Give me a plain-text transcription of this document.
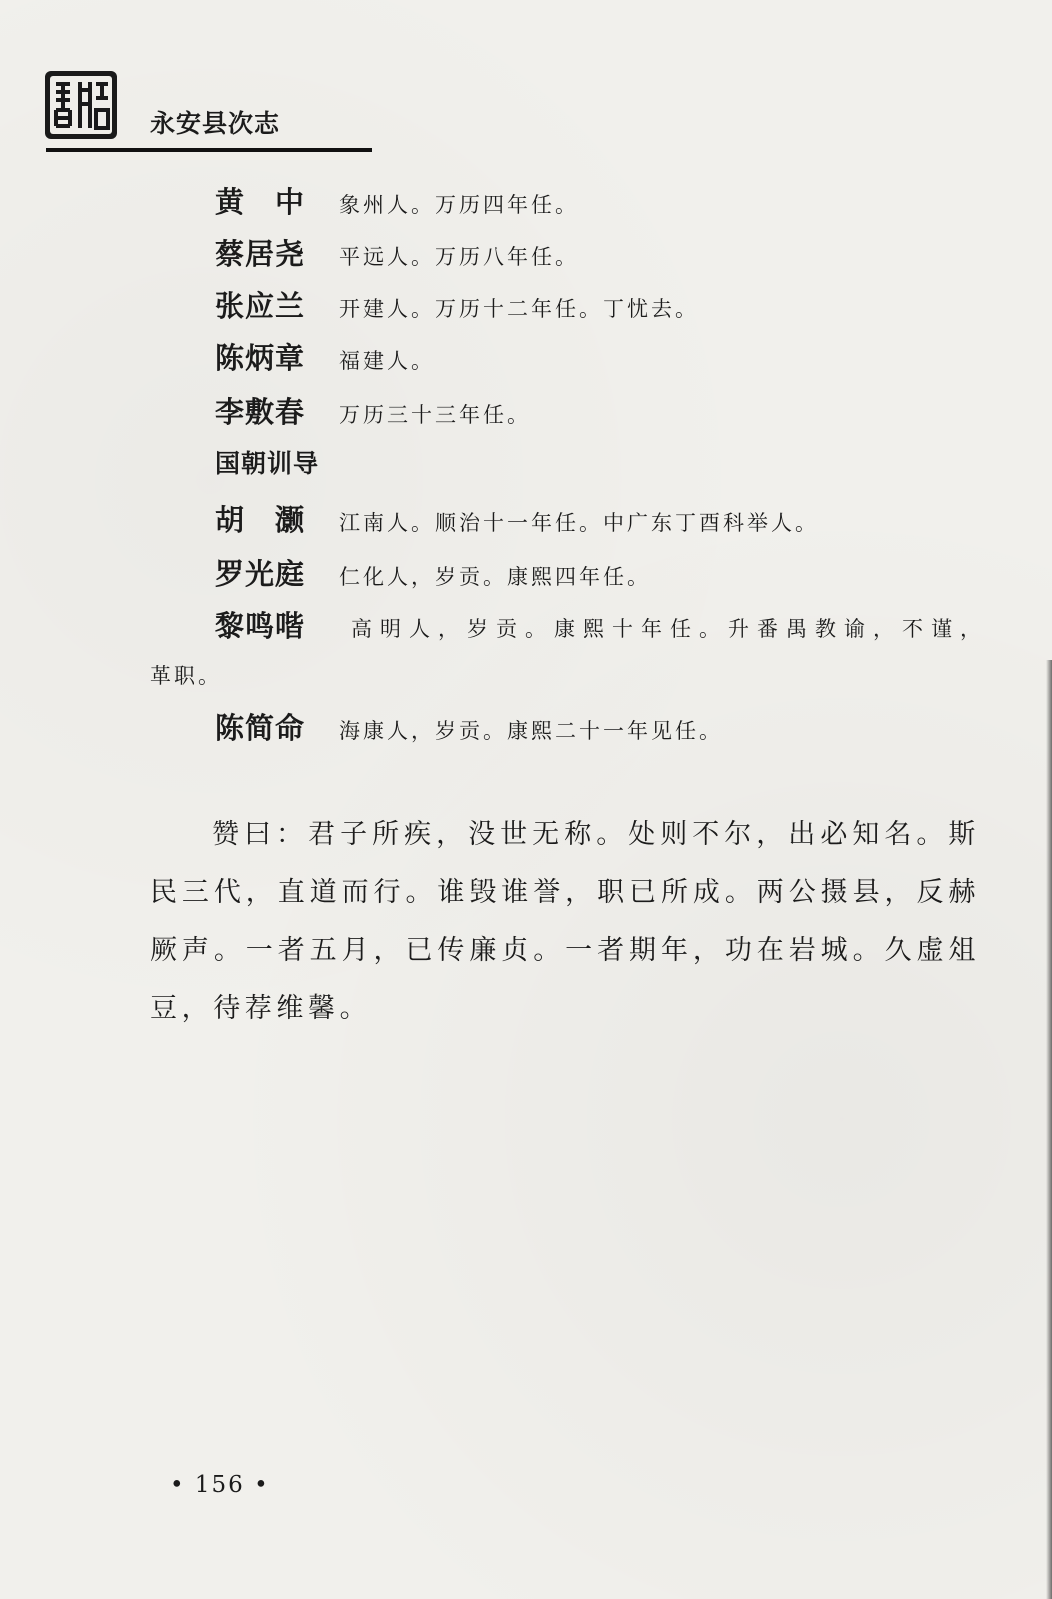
永安县次志
黄　中 象州人。万历四年任。
蔡居尧 平远人。万历八年任。
张应兰 开建人。万历十二年任。丁忧去。
陈炳章 福建人。
李敷春 万历三十三年任。
国朝训导
胡　灏 江南人。顺治十一年任。中广东丁酉科举人。
罗光庭 仁化人，岁贡。康熙四年任。
黎鸣喈 高明人，岁贡。康熙十年任。升番禺教谕，不谨，
革职。
陈简命 海康人，岁贡。康熙二十一年见任。
赞曰：君子所疾，没世无称。处则不尔，出必知名。斯民三代，直道而行。谁毁谁誉，职已所成。两公摄县，反赫厥声。一者五月，已传廉贞。一者期年，功在岩城。久虚俎豆，待荐维馨。
• 156 •
